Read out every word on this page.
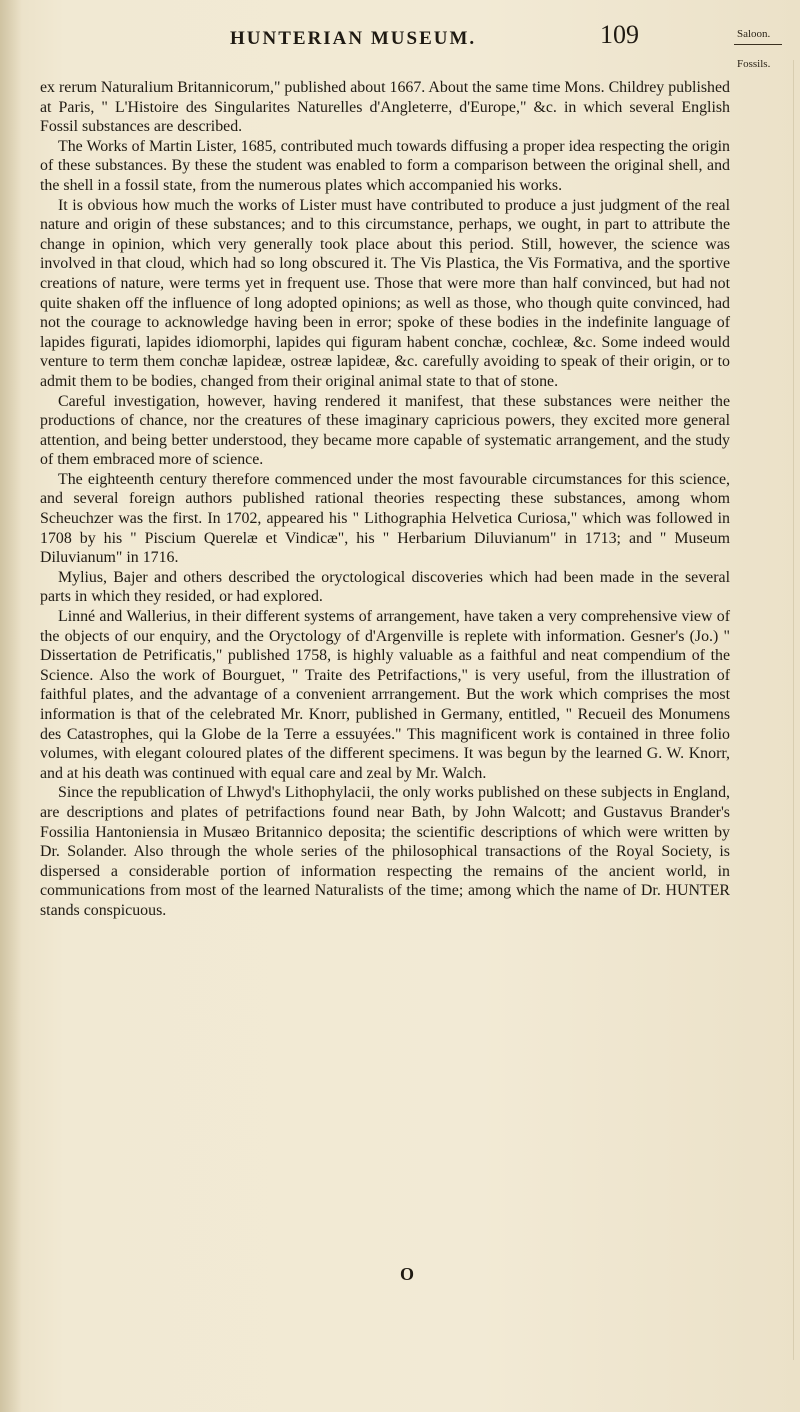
HUNTERIAN MUSEUM.	109	Saloon.
Fossils.

ex rerum Naturalium Britannicorum," published about 1667. About the same time Mons. Childrey published at Paris, " L'Histoire des Singularites Naturelles d'Angleterre, d'Europe," &c. in which several English Fossil substances are described.

The Works of Martin Lister, 1685, contributed much towards diffusing a proper idea respecting the origin of these substances. By these the student was enabled to form a comparison between the original shell, and the shell in a fossil state, from the numerous plates which accompanied his works.

It is obvious how much the works of Lister must have contributed to produce a just judgment of the real nature and origin of these substances; and to this circumstance, perhaps, we ought, in part to attribute the change in opinion, which very generally took place about this period. Still, however, the science was involved in that cloud, which had so long obscured it. The Vis Plastica, the Vis Formativa, and the sportive creations of nature, were terms yet in frequent use. Those that were more than half convinced, but had not quite shaken off the influence of long adopted opinions; as well as those, who though quite convinced, had not the courage to acknowledge having been in error; spoke of these bodies in the indefinite language of lapides figurati, lapides idiomorphi, lapides qui figuram habent conchæ, cochleæ, &c. Some indeed would venture to term them conchæ lapideæ, ostreæ lapideæ, &c. carefully avoiding to speak of their origin, or to admit them to be bodies, changed from their original animal state to that of stone.

Careful investigation, however, having rendered it manifest, that these substances were neither the productions of chance, nor the creatures of these imaginary capricious powers, they excited more general attention, and being better understood, they became more capable of systematic arrangement, and the study of them embraced more of science.

The eighteenth century therefore commenced under the most favourable circumstances for this science, and several foreign authors published rational theories respecting these substances, among whom Scheuchzer was the first. In 1702, appeared his " Lithographia Helvetica Curiosa," which was followed in 1708 by his " Piscium Querelæ et Vindicæ", his " Herbarium Diluvianum" in 1713; and " Museum Diluvianum" in 1716.

Mylius, Bajer and others described the oryctological discoveries which had been made in the several parts in which they resided, or had explored.

Linné and Wallerius, in their different systems of arrangement, have taken a very comprehensive view of the objects of our enquiry, and the Oryctology of d'Argenville is replete with information. Gesner's (Jo.) " Dissertation de Petrificatis," published 1758, is highly valuable as a faithful and neat compendium of the Science. Also the work of Bourguet, " Traite des Petrifactions," is very useful, from the illustration of faithful plates, and the advantage of a convenient arrrangement. But the work which comprises the most information is that of the celebrated Mr. Knorr, published in Germany, entitled, " Recueil des Monumens des Catastrophes, qui la Globe de la Terre a essuyées." This magnificent work is contained in three folio volumes, with elegant coloured plates of the different specimens. It was begun by the learned G. W. Knorr, and at his death was continued with equal care and zeal by Mr. Walch.

Since the republication of Lhwyd's Lithophylacii, the only works published on these subjects in England, are descriptions and plates of petrifactions found near Bath, by John Walcott; and Gustavus Brander's Fossilia Hantoniensia in Musæo Britannico deposita; the scientific descriptions of which were written by Dr. Solander. Also through the whole series of the philosophical transactions of the Royal Society, is dispersed a considerable portion of information respecting the remains of the ancient world, in communications from most of the learned Naturalists of the time; among which the name of Dr. HUNTER stands conspicuous.

O
